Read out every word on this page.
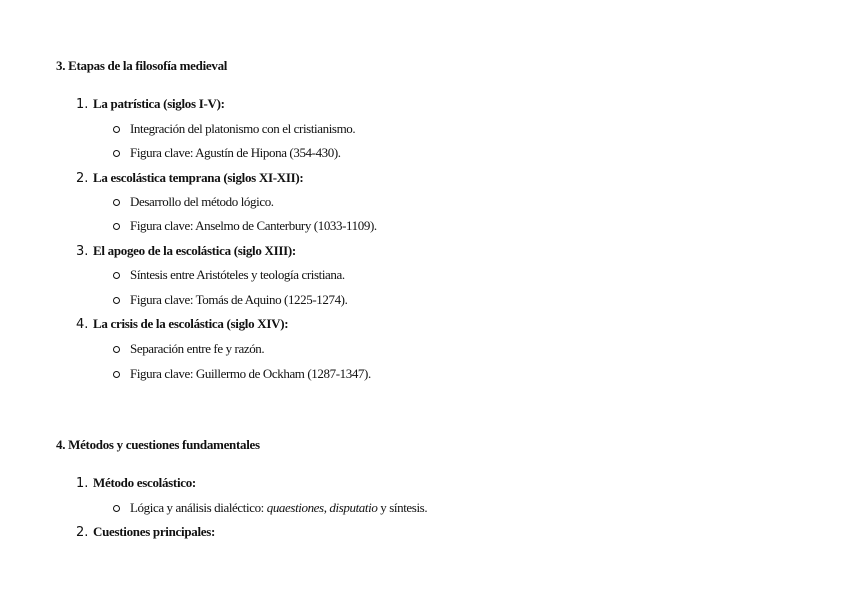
3. Etapas de la filosofía medieval
1. La patrística (siglos I-V):
Integración del platonismo con el cristianismo.
Figura clave: Agustín de Hipona (354-430).
2. La escolástica temprana (siglos XI-XII):
Desarrollo del método lógico.
Figura clave: Anselmo de Canterbury (1033-1109).
3. El apogeo de la escolástica (siglo XIII):
Síntesis entre Aristóteles y teología cristiana.
Figura clave: Tomás de Aquino (1225-1274).
4. La crisis de la escolástica (siglo XIV):
Separación entre fe y razón.
Figura clave: Guillermo de Ockham (1287-1347).
4. Métodos y cuestiones fundamentales
1. Método escolástico:
Lógica y análisis dialéctico: quaestiones, disputatio y síntesis.
2. Cuestiones principales:
